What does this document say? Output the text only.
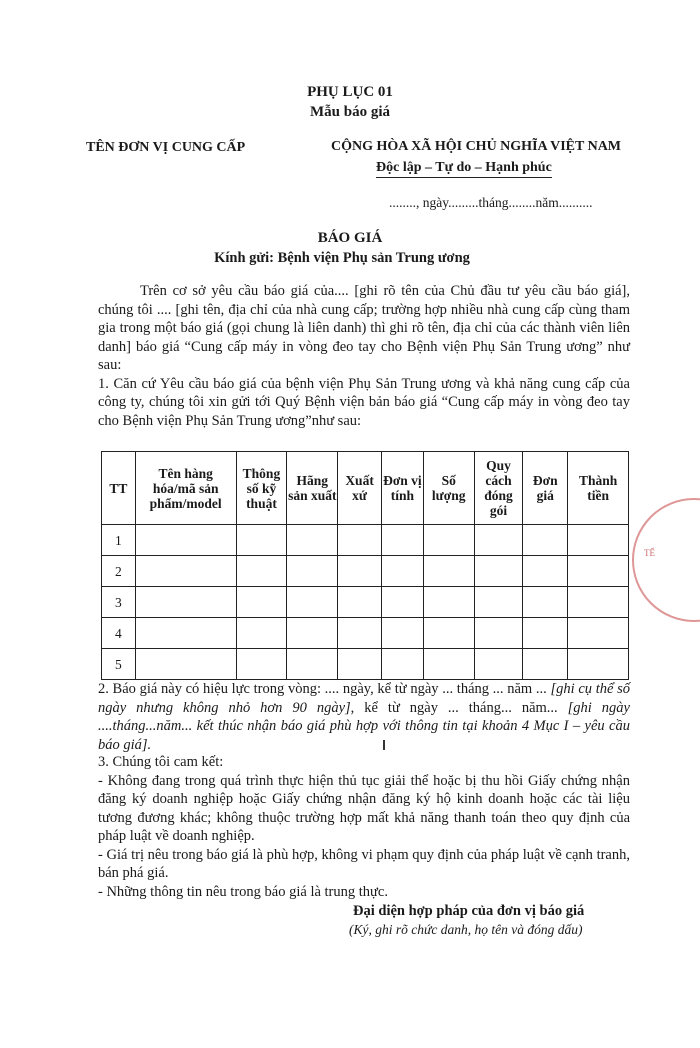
PHỤ LỤC 01
Mẫu báo giá
TÊN ĐƠN VỊ CUNG CẤP	CỘNG HÒA XÃ HỘI CHỦ NGHĨA VIỆT NAM
Độc lập – Tự do – Hạnh phúc
........, ngày.........tháng........năm..........
BÁO GIÁ
Kính gửi: Bệnh viện Phụ sản Trung ương

Trên cơ sở yêu cầu báo giá của.... [ghi rõ tên của Chủ đầu tư yêu cầu báo giá], chúng tôi .... [ghi tên, địa chỉ của nhà cung cấp; trường hợp nhiều nhà cung cấp cùng tham gia trong một báo giá (gọi chung là liên danh) thì ghi rõ tên, địa chỉ của các thành viên liên danh] báo giá “Cung cấp máy in vòng đeo tay cho Bệnh viện Phụ Sản Trung ương” như sau:

1. Căn cứ Yêu cầu báo giá của bệnh viện Phụ Sản Trung ương và khả năng cung cấp của công ty, chúng tôi xin gửi tới Quý Bệnh viện bản báo giá “Cung cấp máy in vòng đeo tay cho Bệnh viện Phụ Sản Trung ương”như sau:

TT	Tên hàng hóa/mã sản phẩm/model	Thông số kỹ thuật	Hãng sản xuất	Xuất xứ	Đơn vị tính	Số lượng	Quy cách đóng gói	Đơn giá	Thành tiền
1									
2									
3									
4									
5									
TẾ

2. Báo giá này có hiệu lực trong vòng: .... ngày, kể từ ngày ... tháng ... năm ... [ghi cụ thể số ngày nhưng không nhỏ hơn 90 ngày], kể từ ngày ... tháng... năm... [ghi ngày ....tháng...năm... kết thúc nhận báo giá phù hợp với thông tin tại khoản 4 Mục I – yêu cầu báo giá].

3. Chúng tôi cam kết:

- Không đang trong quá trình thực hiện thủ tục giải thể hoặc bị thu hồi Giấy chứng nhận đăng ký doanh nghiệp hoặc Giấy chứng nhận đăng ký hộ kinh doanh hoặc các tài liệu tương đương khác; không thuộc trường hợp mất khả năng thanh toán theo quy định của pháp luật về doanh nghiệp.

- Giá trị nêu trong báo giá là phù hợp, không vi phạm quy định của pháp luật về cạnh tranh, bán phá giá.

- Những thông tin nêu trong báo giá là trung thực.

Đại diện hợp pháp của đơn vị báo giá
(Ký, ghi rõ chức danh, họ tên và đóng dấu)
